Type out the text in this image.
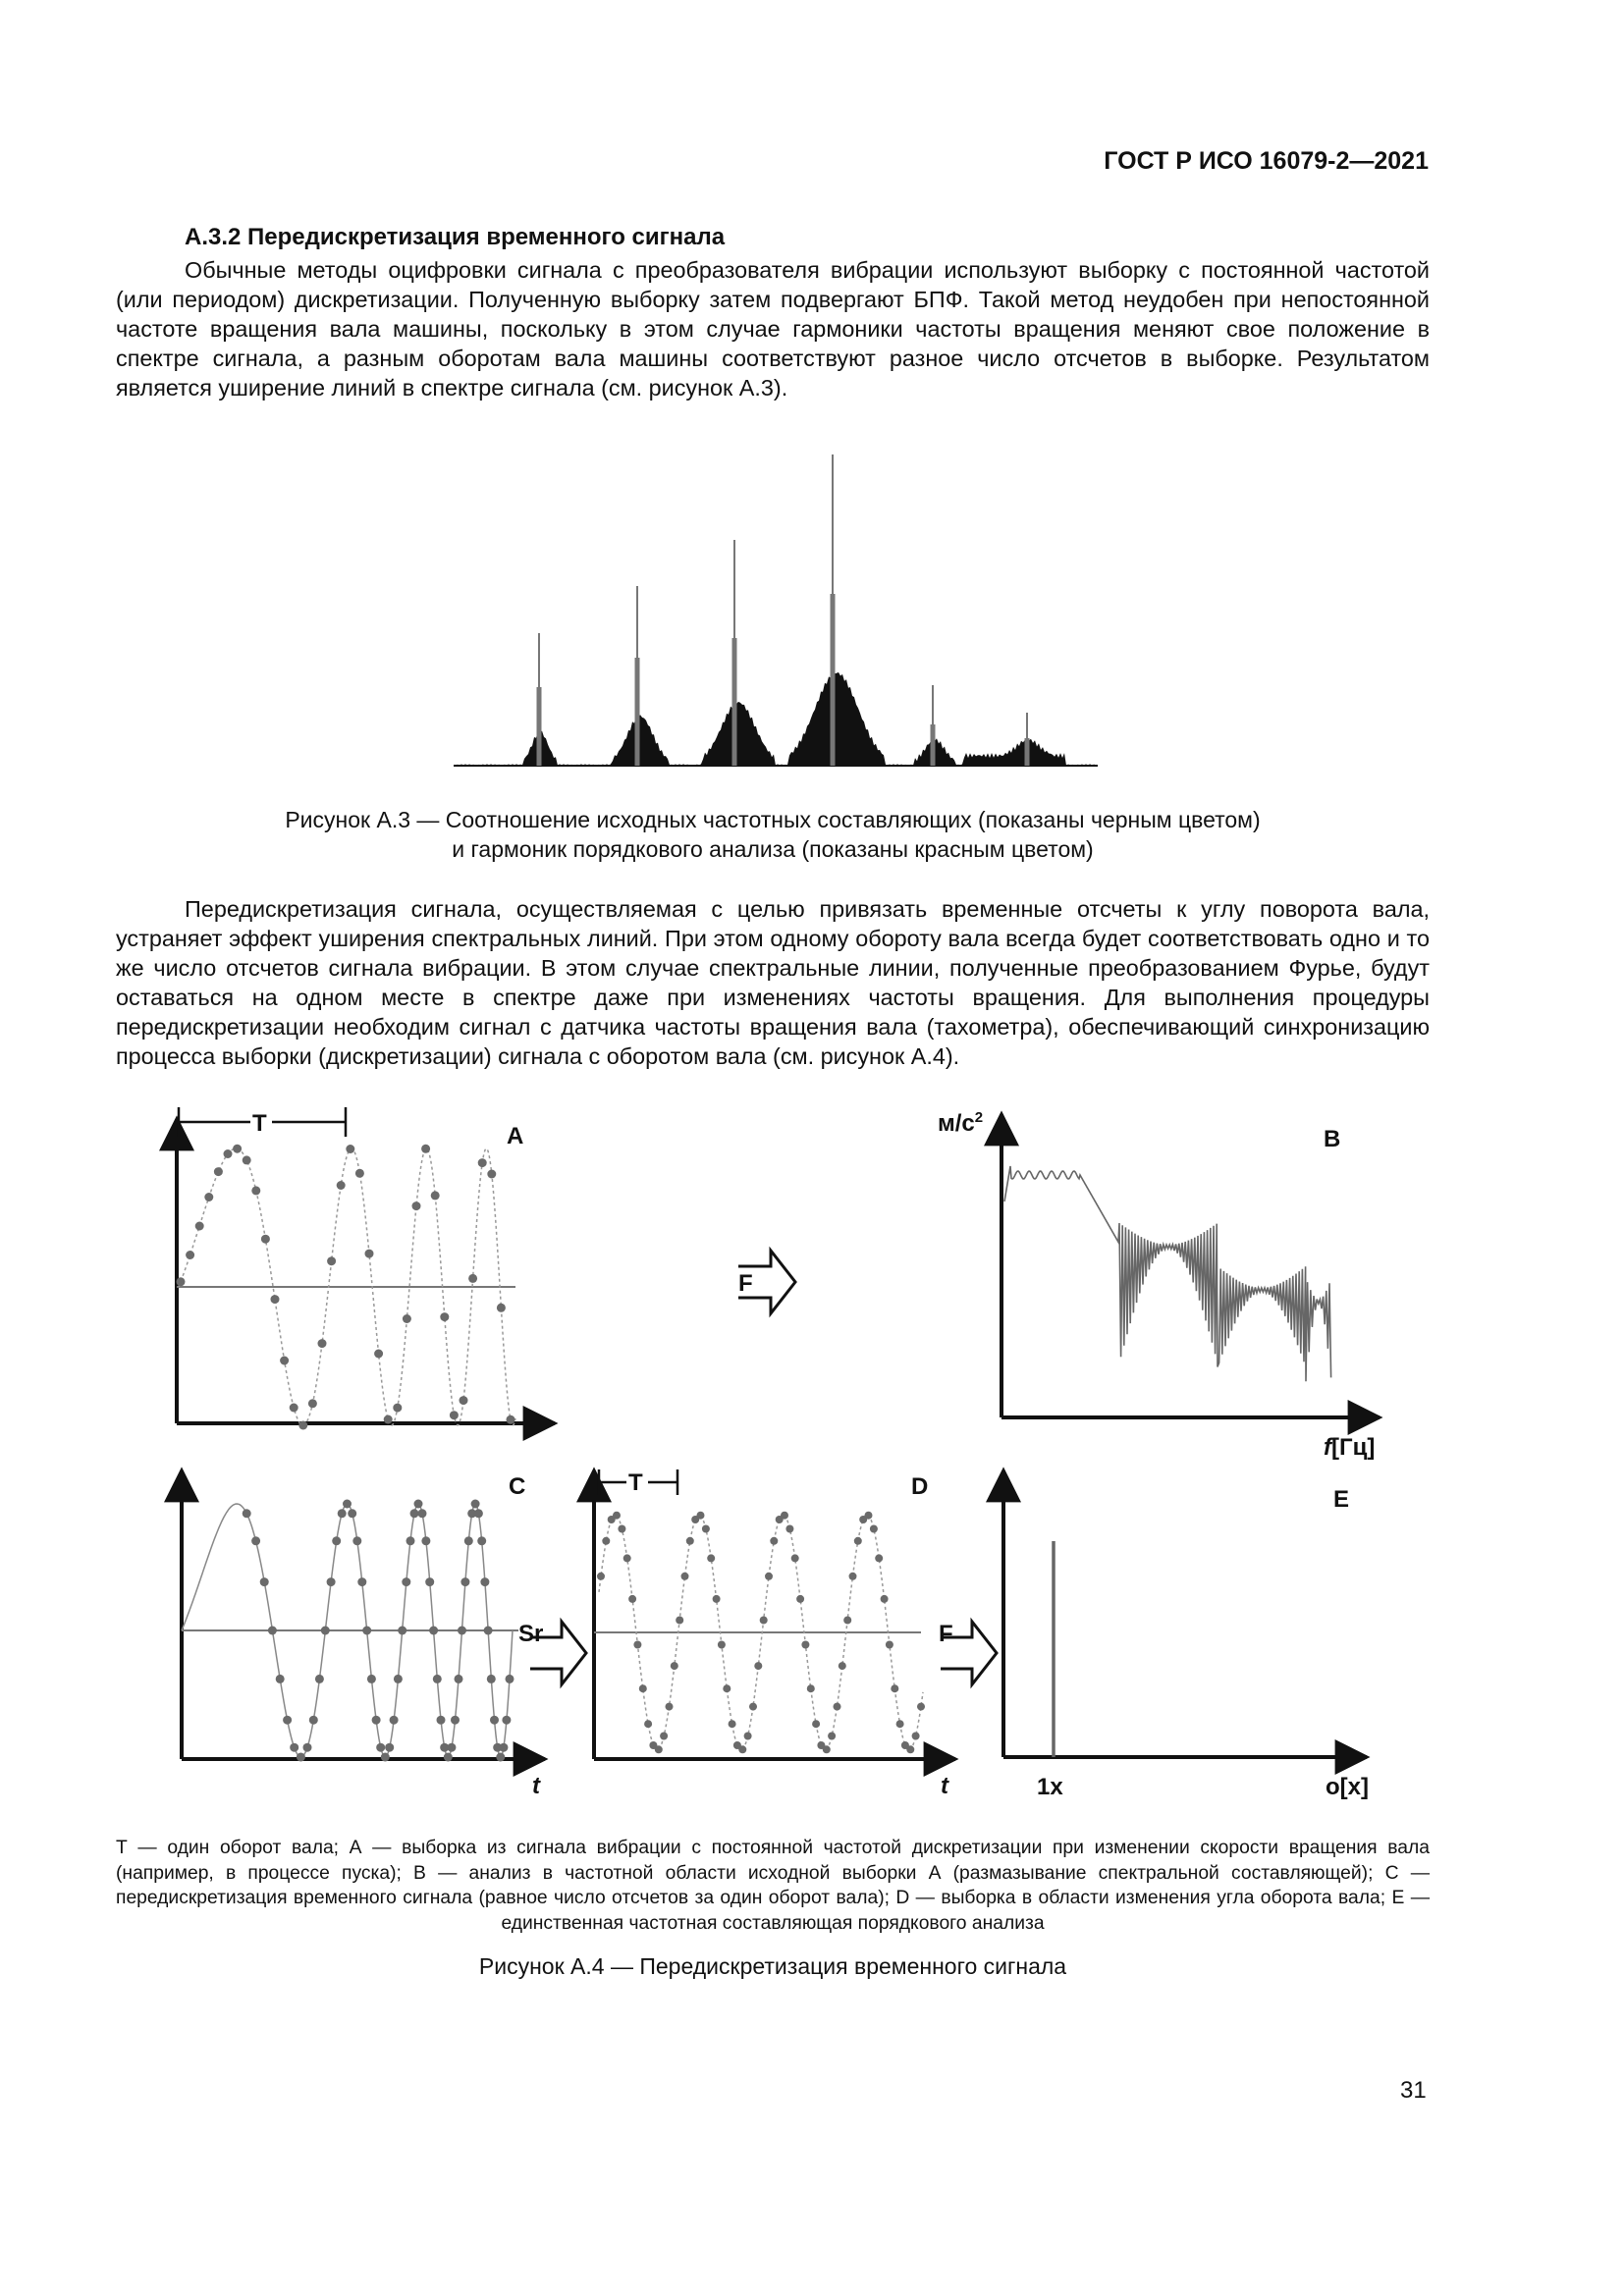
ГОСТ Р ИСО 16079-2—2021
А.3.2 Передискретизация временного сигнала

Обычные методы оцифровки сигнала с преобразователя вибрации используют выборку с постоянной частотой (или периодом) дискретизации. Полученную выборку затем подвергают БПФ. Такой метод неудобен при непостоянной частоте вращения вала машины, поскольку в этом случае гармоники частоты вращения меняют свое положение в спектре сигнала, а разным оборотам вала машины соответствуют разное число отсчетов в выборке. Результатом является уширение линий в спектре сигнала (см. рисунок А.3).

Рисунок А.3 — Соотношение исходных частотных составляющих (показаны черным цветом)
и гармоник порядкового анализа (показаны красным цветом)

Передискретизация сигнала, осуществляемая с целью привязать временные отсчеты к углу поворота вала, устраняет эффект уширения спектральных линий. При этом одному обороту вала всегда будет соответствовать одно и то же число отсчетов сигнала вибрации. В этом случае спектральные линии, полученные преобразованием Фурье, будут оставаться на одном месте в спектре даже при изменениях частоты вращения. Для выполнения процедуры передискретизации необходим сигнал с датчика частоты вращения вала (тахометра), обеспечивающий синхронизацию процесса выборки (дискретизации) сигнала с оборотом вала (см. рисунок А.4).

T	А
F
$м/с^2$
B
f[Гц]
C
t
Sr
T	D
t
F
E
1x	o[x]

Т — один оборот вала; А — выборка из сигнала вибрации с постоянной частотой дискретизации при изменении скорости вращения вала (например, в процессе пуска); В — анализ в частотной области исходной выборки А (размазывание спектральной составляющей); С — передискретизация временного сигнала (равное число отсчетов за один оборот вала); D — выборка в области изменения угла оборота вала; E — единственная частотная составляющая порядкового анализа

Рисунок А.4 — Передискретизация временного сигнала

31
